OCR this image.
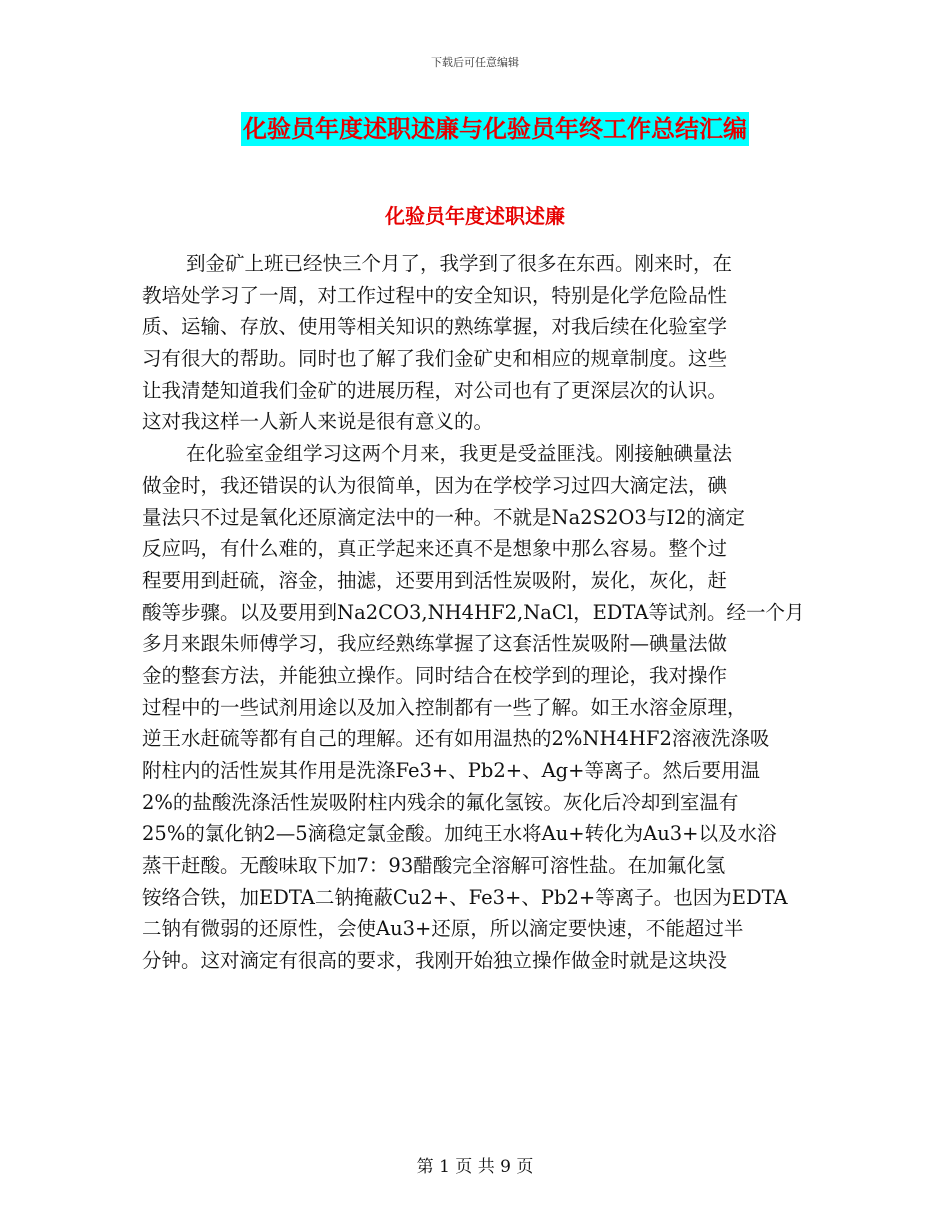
下载后可任意编辑
化验员年度述职述廉与化验员年终工作总结汇编
化验员年度述职述廉
到金矿上班已经快三个月了，我学到了很多在东西。刚来时，在
教培处学习了一周，对工作过程中的安全知识，特别是化学危险品性
质、运输、存放、使用等相关知识的熟练掌握，对我后续在化验室学
习有很大的帮助。同时也了解了我们金矿史和相应的规章制度。这些
让我清楚知道我们金矿的进展历程，对公司也有了更深层次的认识。
这对我这样一人新人来说是很有意义的。
在化验室金组学习这两个月来，我更是受益匪浅。刚接触碘量法
做金时，我还错误的认为很简单，因为在学校学习过四大滴定法，碘
量法只不过是氧化还原滴定法中的一种。不就是Na2S2O3与I2的滴定
反应吗，有什么难的，真正学起来还真不是想象中那么容易。整个过
程要用到赶硫，溶金，抽滤，还要用到活性炭吸附，炭化，灰化，赶
酸等步骤。以及要用到Na2CO3,NH4HF2,NaCl，EDTA等试剂。经一个月
多月来跟朱师傅学习，我应经熟练掌握了这套活性炭吸附—碘量法做
金的整套方法，并能独立操作。同时结合在校学到的理论，我对操作
过程中的一些试剂用途以及加入控制都有一些了解。如王水溶金原理，
逆王水赶硫等都有自己的理解。还有如用温热的2%NH4HF2溶液洗涤吸
附柱内的活性炭其作用是洗涤Fe3+、Pb2+、Ag+等离子。然后要用温
2%的盐酸洗涤活性炭吸附柱内残余的氟化氢铵。灰化后冷却到室温有
25%的氯化钠2—5滴稳定氯金酸。加纯王水将Au+转化为Au3+以及水浴
蒸干赶酸。无酸味取下加7：93醋酸完全溶解可溶性盐。在加氟化氢
铵络合铁，加EDTA二钠掩蔽Cu2+、Fe3+、Pb2+等离子。也因为EDTA
二钠有微弱的还原性，会使Au3+还原，所以滴定要快速，不能超过半
分钟。这对滴定有很高的要求，我刚开始独立操作做金时就是这块没
第 1 页 共 9 页
